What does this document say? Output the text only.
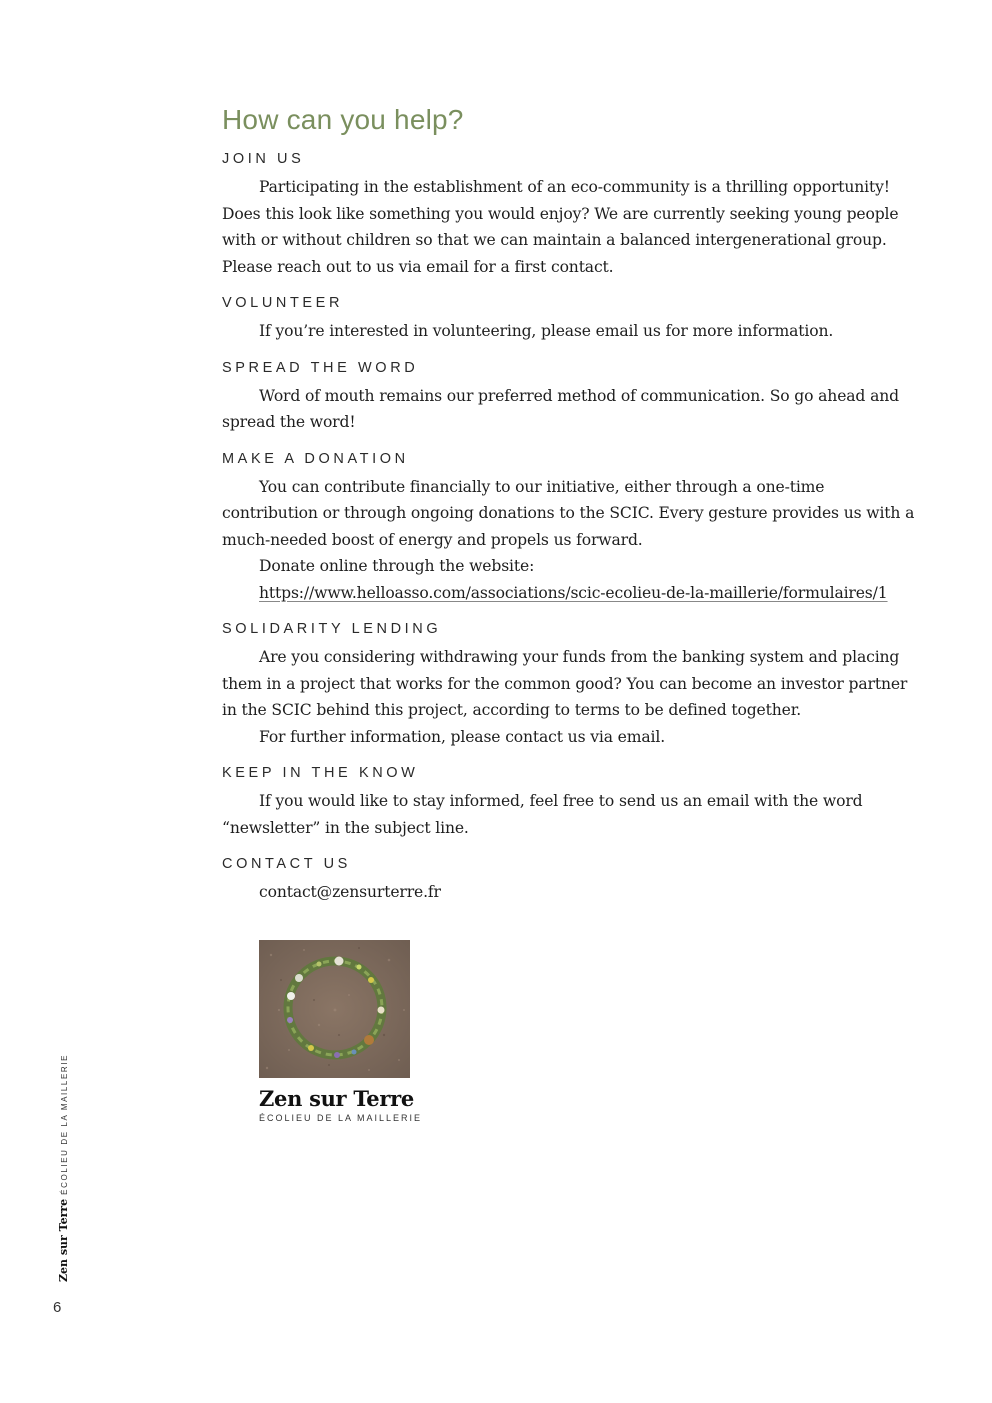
How can you help?
JOIN US

Participating in the establishment of an eco-community is a thrilling opportunity! Does this look like something you would enjoy? We are currently seeking young people with or without children so that we can maintain a balanced intergenerational group. Please reach out to us via email for a first contact.

VOLUNTEER

If you’re interested in volunteering, please email us for more information.

SPREAD THE WORD

Word of mouth remains our preferred method of communication. So go ahead and spread the word!

MAKE A DONATION

You can contribute financially to our initiative, either through a one-time contribution or through ongoing donations to the SCIC. Every gesture provides us with a much-needed boost of energy and propels us forward.

Donate online through the website:

https://www.helloasso.com/associations/scic-ecolieu-de-la-maillerie/formulaires/1

SOLIDARITY LENDING

Are you considering withdrawing your funds from the banking system and placing them in a project that works for the common good? You can become an investor partner in the SCIC behind this project, according to terms to be defined together.

For further information, please contact us via email.

KEEP IN THE KNOW

If you would like to stay informed, feel free to send us an email with the word “newsletter” in the subject line.

CONTACT US

contact@zensurterre.fr

Zen sur Terre
ÉCOLIEU DE LA MAILLERIE
Zen sur TerreÉCOLIEU DE LA MAILLERIE
6
